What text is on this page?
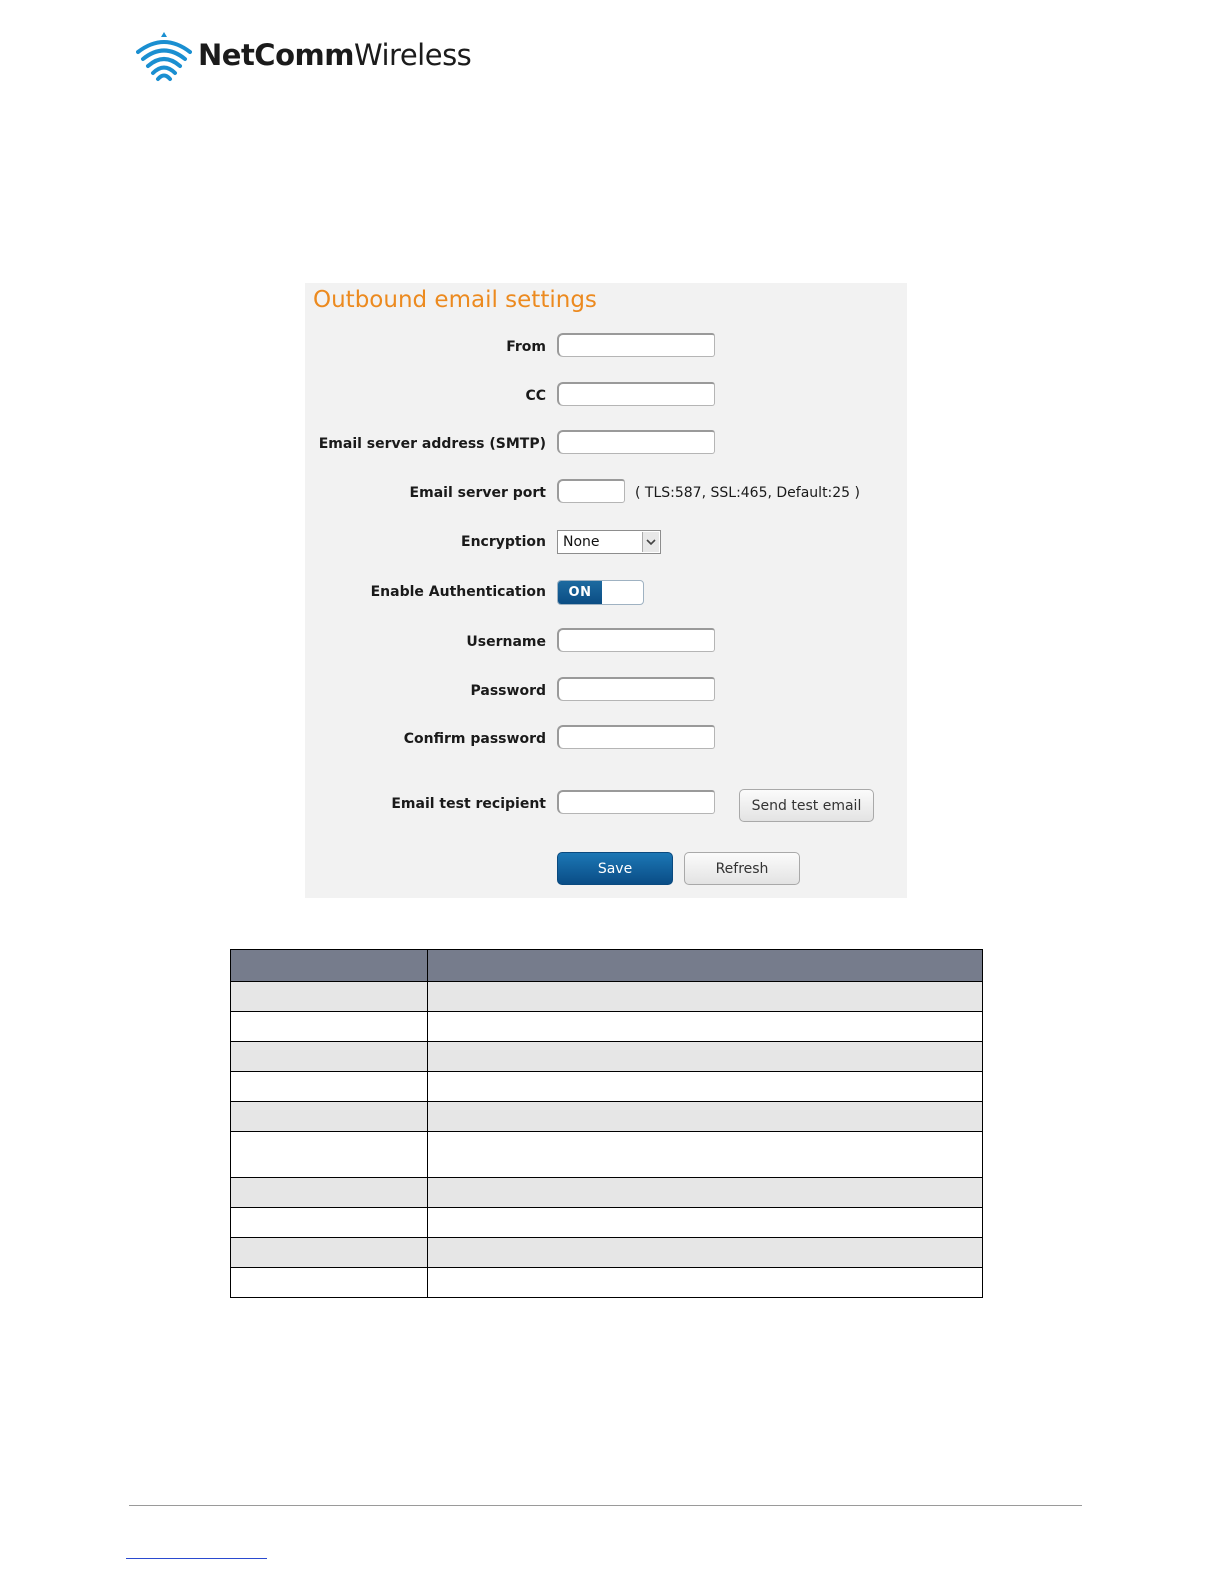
NetCommWireless
Outbound email settings
From
CC
Email server address (SMTP)
Email server port	( TLS:587, SSL:465, Default:25 )
Encryption	None
Enable Authentication	ON
Username
Password
Confirm password
Email test recipient	Send test email
Save	Refresh
